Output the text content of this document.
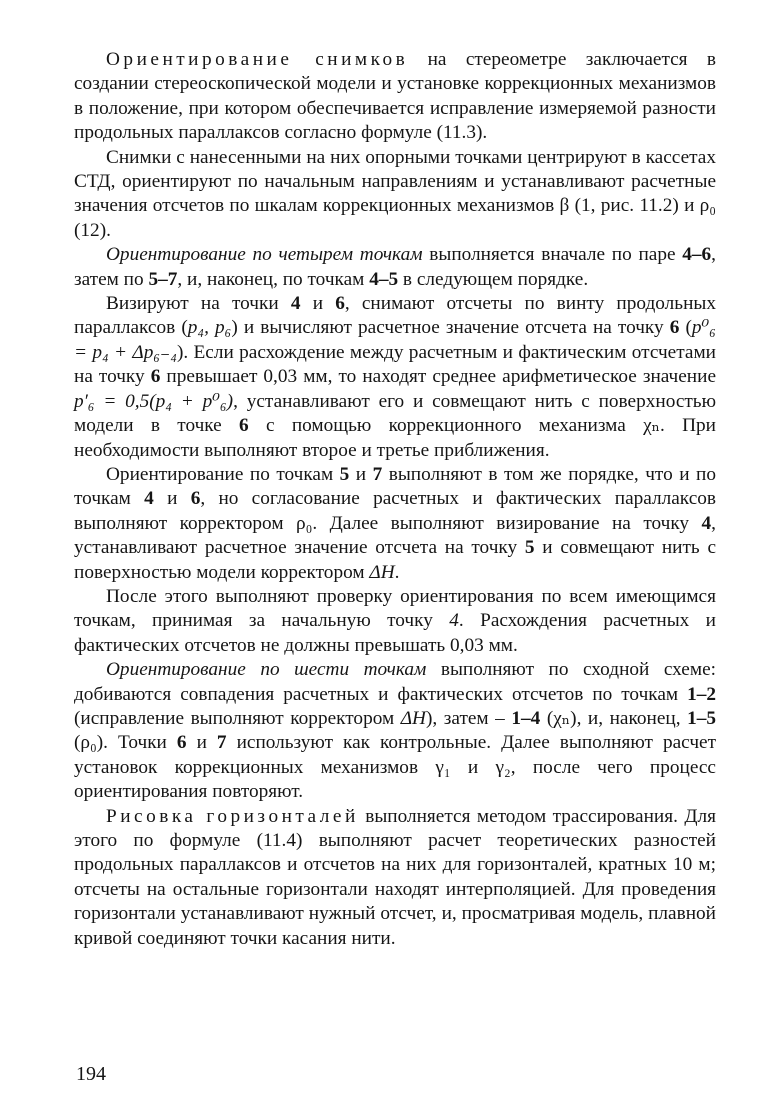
Ориентирование снимков на стереометре заключается в создании стереоскопической модели и установке коррекционных механизмов в положение, при котором обеспечивается исправление измеряемой разности продольных параллаксов согласно формуле (11.3).

Снимки с нанесенными на них опорными точками центрируют в кассетах СТД, ориентируют по начальным направлениям и устанавливают расчетные значения отсчетов по шкалам коррекционных механизмов β (1, рис. 11.2) и ρ₀ (12).

Ориентирование по четырем точкам выполняется вначале по паре 4–6, затем по 5–7, и, наконец, по точкам 4–5 в следующем порядке.

Визируют на точки 4 и 6, снимают отсчеты по винту продольных параллаксов (p₄, p₆) и вычисляют расчетное значение отсчета на точку 6 (p⁰₆ = p₄ + Δp₆₋₄). Если расхождение между расчетным и фактическим отсчетами на точку 6 превышает 0,03 мм, то находят среднее арифметическое значение p′₆ = 0,5(p₄ + p⁰₆), устанавливают его и совмещают нить с поверхностью модели в точке 6 с помощью коррекционного механизма χₙ. При необходимости выполняют второе и третье приближения.

Ориентирование по точкам 5 и 7 выполняют в том же порядке, что и по точкам 4 и 6, но согласование расчетных и фактических параллаксов выполняют корректором ρ₀. Далее выполняют визирование на точку 4, устанавливают расчетное значение отсчета на точку 5 и совмещают нить с поверхностью модели корректором ΔH.

После этого выполняют проверку ориентирования по всем имеющимся точкам, принимая за начальную точку 4. Расхождения расчетных и фактических отсчетов не должны превышать 0,03 мм.

Ориентирование по шести точкам выполняют по сходной схеме: добиваются совпадения расчетных и фактических отсчетов по точкам 1–2 (исправление выполняют корректором ΔH), затем – 1–4 (χₙ), и, наконец, 1–5 (ρ₀). Точки 6 и 7 используют как контрольные. Далее выполняют расчет установок коррекционных механизмов γ₁ и γ₂, после чего процесс ориентирования повторяют.

Рисовка горизонталей выполняется методом трассирования. Для этого по формуле (11.4) выполняют расчет теоретических разностей продольных параллаксов и отсчетов на них для горизонталей, кратных 10 м; отсчеты на остальные горизонтали находят интерполяцией. Для проведения горизонтали устанавливают нужный отсчет, и, просматривая модель, плавной кривой соединяют точки касания нити.

194
